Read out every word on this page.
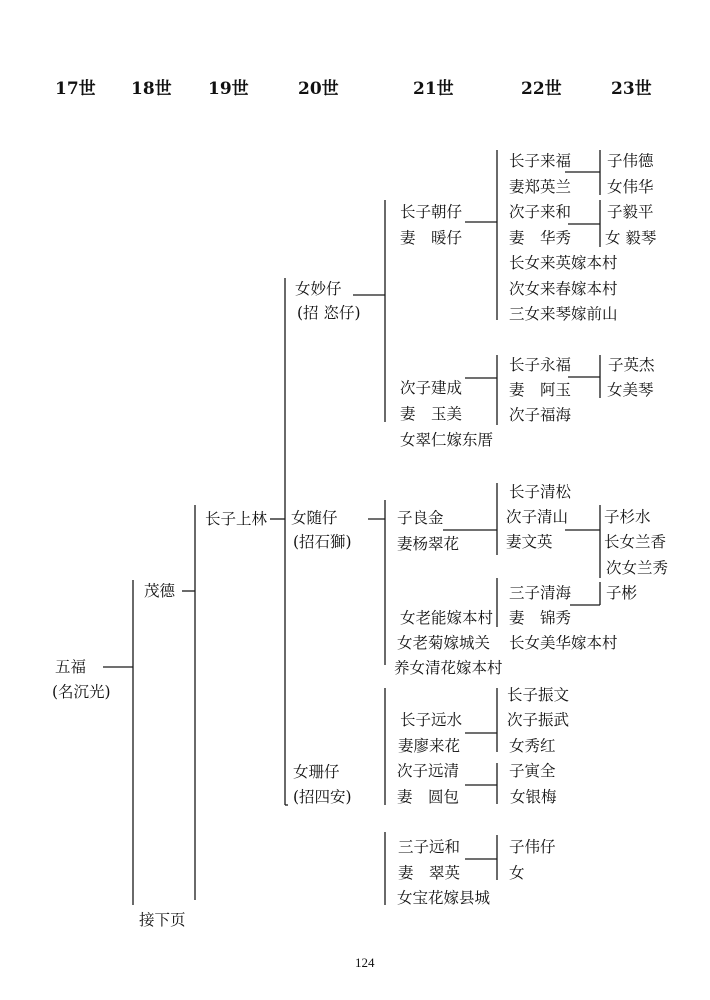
17世 18世 19世	20世	21世	22世	23世
五福
(名沉光)
茂德
长子上林
女妙仔
(招 恣仔)
女随仔
(招石獅)
女珊仔
(招四安)
长子朝仔
妻　暖仔
次子建成
妻　玉美
女翠仁嫁东厝
子良金
妻杨翠花
女老能嫁本村
女老菊嫁城关
养女清花嫁本村
长子远水
妻廖来花
次子远清
妻　圆包
三子远和
妻　翠英
女宝花嫁县城
长子来福
妻郑英兰
次子来和
妻　华秀
长女来英嫁本村
次女来春嫁本村
三女来琴嫁前山
长子永福
妻　阿玉
次子福海
长子清松
次子清山
妻文英
三子清海
妻　锦秀
长女美华嫁本村
长子振文
次子振武
女秀红
子寅全
女银梅
子伟仔
女
子伟德
女伟华
子毅平
女 毅琴
子英杰
女美琴
子杉水
长女兰香
次女兰秀
子彬
接下页
124
